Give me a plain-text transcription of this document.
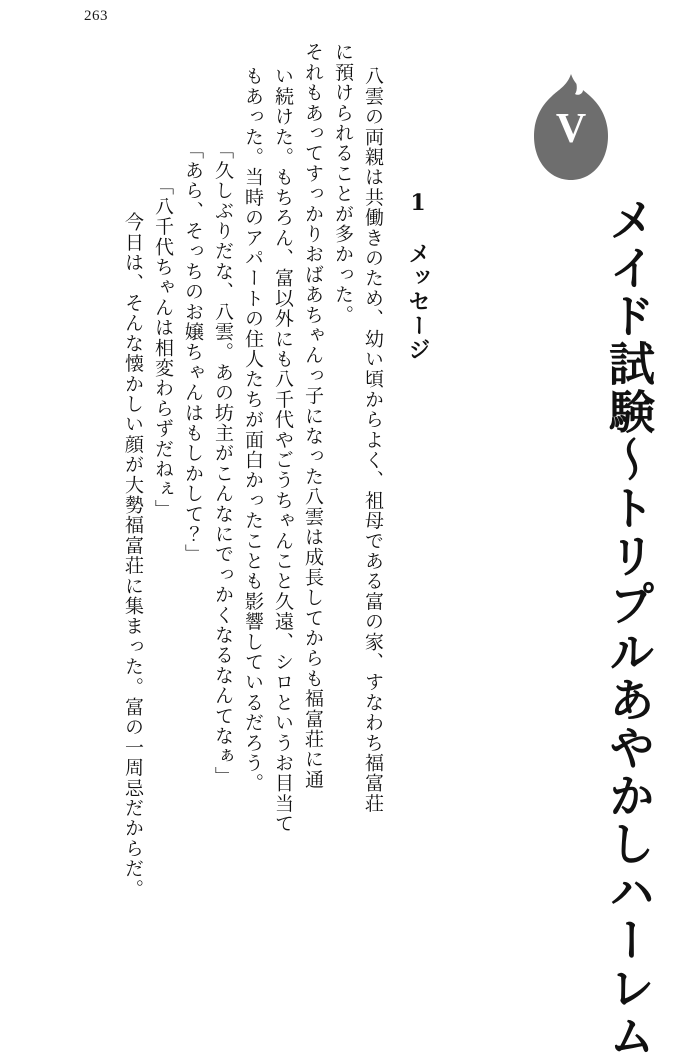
263
V
メイド試験〜トリプルあやかしハーレム
1　メッセージ
八雲の両親は共働きのため、幼い頃からよく、祖母である富の家、すなわち福富荘
に預けられることが多かった。
それもあってすっかりおばあちゃんっ子になった八雲は成長してからも福富荘に通
い続けた。もちろん、富以外にも八千代やごうちゃんこと久遠、シロというお目当て
もあった。当時のアパートの住人たちが面白かったことも影響しているだろう。
「久しぶりだな、八雲。あの坊主がこんなにでっかくなるなんてなぁ」
「あら、そっちのお嬢ちゃんはもしかして？」
「八千代ちゃんは相変わらずだねぇ」
今日は、そんな懐かしい顔が大勢福富荘に集まった。富の一周忌だからだ。
